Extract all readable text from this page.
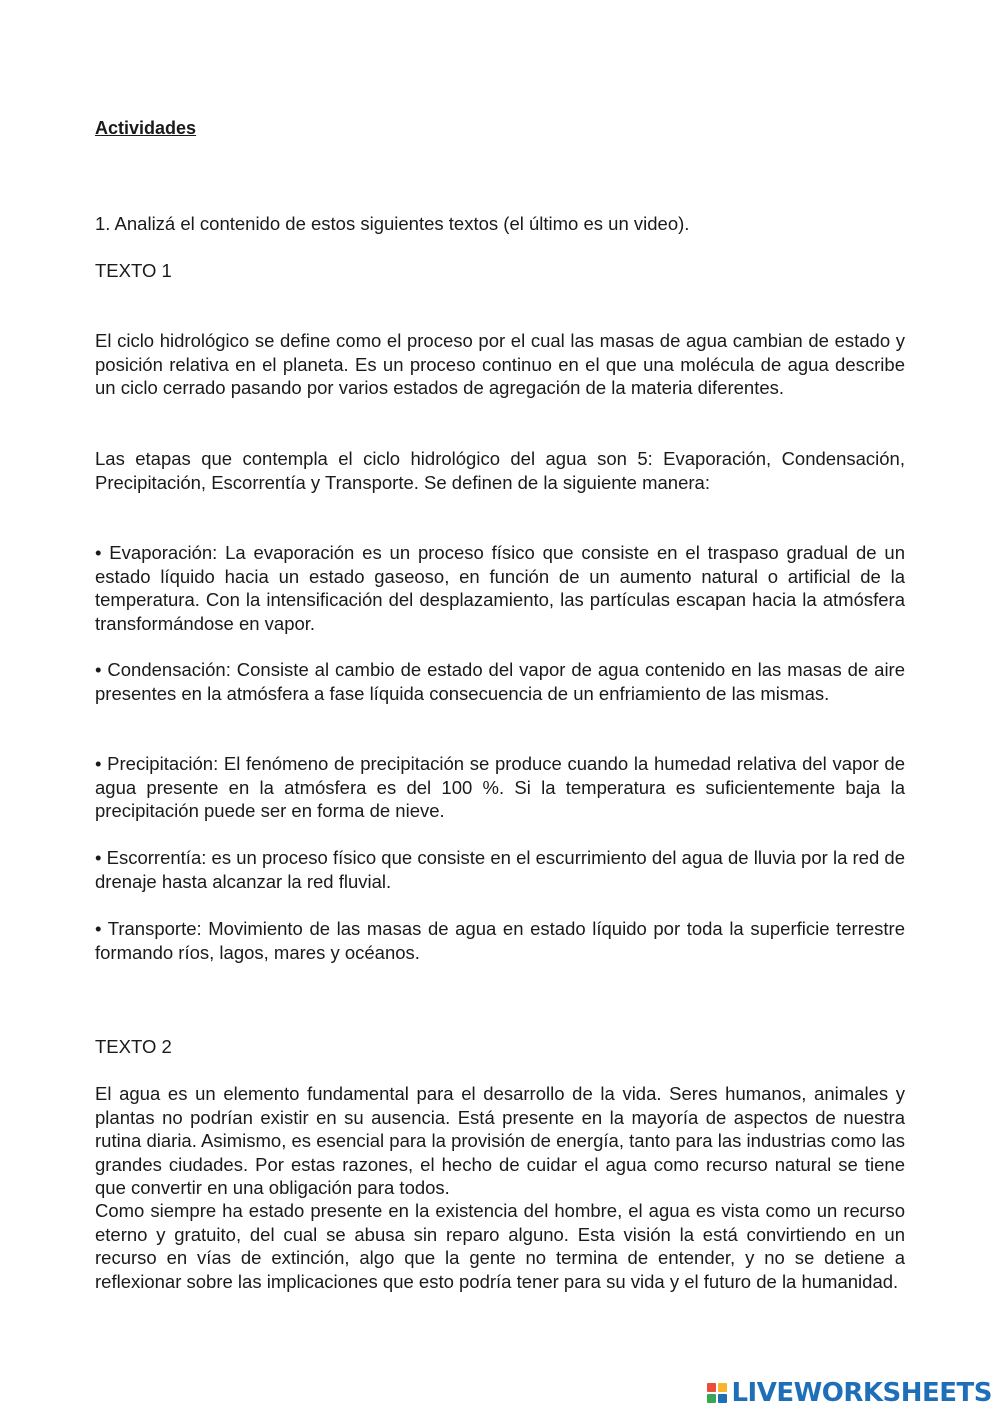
Actividades

1. Analizá el contenido de estos siguientes textos (el último es un video).

TEXTO 1

El ciclo hidrológico se define como el proceso por el cual las masas de agua cambian de estado y posición relativa en el planeta. Es un proceso continuo en el que una molécula de agua describe un ciclo cerrado pasando por varios estados de agregación de la materia diferentes.

Las etapas que contempla el ciclo hidrológico del agua son 5: Evaporación, Condensación, Precipitación, Escorrentía y Transporte. Se definen de la siguiente manera:

• Evaporación: La evaporación es un proceso físico que consiste en el traspaso gradual de un estado líquido hacia un estado gaseoso, en función de un aumento natural o artificial de la temperatura. Con la intensificación del desplazamiento, las partículas escapan hacia la atmósfera transformándose en vapor.

• Condensación: Consiste al cambio de estado del vapor de agua contenido en las masas de aire presentes en la atmósfera a fase líquida consecuencia de un enfriamiento de las mismas.

• Precipitación: El fenómeno de precipitación se produce cuando la humedad relativa del vapor de agua presente en la atmósfera es del 100 %. Si la temperatura es suficientemente baja la precipitación puede ser en forma de nieve.

• Escorrentía: es un proceso físico que consiste en el escurrimiento del agua de lluvia por la red de drenaje hasta alcanzar la red fluvial.

• Transporte: Movimiento de las masas de agua en estado líquido por toda la superficie terrestre formando ríos, lagos, mares y océanos.

TEXTO 2

El agua es un elemento fundamental para el desarrollo de la vida. Seres humanos, animales y plantas no podrían existir en su ausencia. Está presente en la mayoría de aspectos de nuestra rutina diaria. Asimismo, es esencial para la provisión de energía, tanto para las industrias como las grandes ciudades. Por estas razones, el hecho de cuidar el agua como recurso natural se tiene que convertir en una obligación para todos.

Como siempre ha estado presente en la existencia del hombre, el agua es vista como un recurso eterno y gratuito, del cual se abusa sin reparo alguno. Esta visión la está convirtiendo en un recurso en vías de extinción, algo que la gente no termina de entender, y no se detiene a reflexionar sobre las implicaciones que esto podría tener para su vida y el futuro de la humanidad.

LIVEWORKSHEETS
